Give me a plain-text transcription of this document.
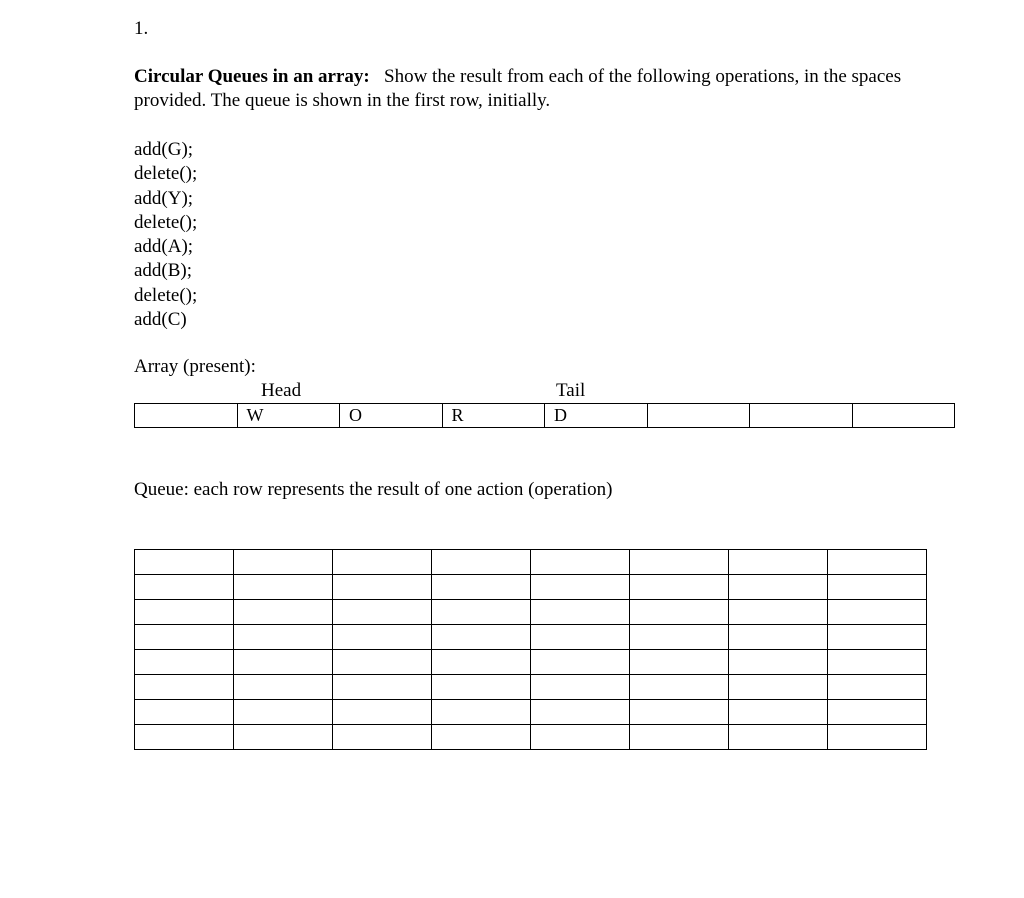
1.
Circular Queues in an array: Show the result from each of the following operations, in the spaces provided. The queue is shown in the first row, initially.
add(G);
delete();
add(Y);
delete();
add(A);
add(B);
delete();
add(C)
Array (present):
Head	Tail
	W	O	R	D			
Queue: each row represents the result of one action (operation)
